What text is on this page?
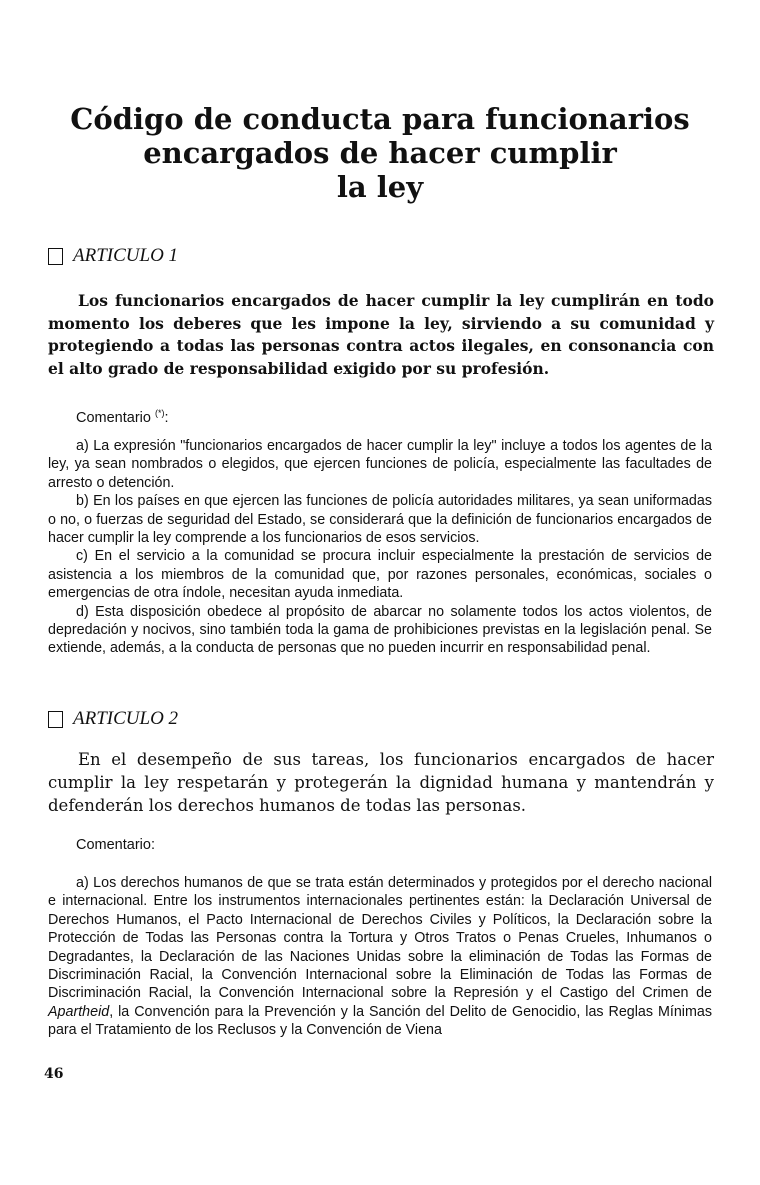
Código de conducta para funcionarios
encargados de hacer cumplir
la ley
ARTICULO 1
Los funcionarios encargados de hacer cumplir la ley cumplirán en todo momento los deberes que les impone la ley, sirviendo a su comunidad y protegiendo a todas las personas contra actos ilegales, en consonancia con el alto grado de responsabilidad exigido por su profesión.
Comentario (*):

a) La expresión "funcionarios encargados de hacer cumplir la ley" incluye a todos los agentes de la ley, ya sean nombrados o elegidos, que ejercen funciones de policía, especialmente las facultades de arresto o detención.

b) En los países en que ejercen las funciones de policía autoridades militares, ya sean uniformadas o no, o fuerzas de seguridad del Estado, se considerará que la definición de funcionarios encargados de hacer cumplir la ley comprende a los funcionarios de esos servicios.

c) En el servicio a la comunidad se procura incluir especialmente la prestación de servicios de asistencia a los miembros de la comunidad que, por razones personales, económicas, sociales o emergencias de otra índole, necesitan ayuda inmediata.

d) Esta disposición obedece al propósito de abarcar no solamente todos los actos violentos, de depredación y nocivos, sino también toda la gama de prohibiciones previstas en la legislación penal. Se extiende, además, a la conducta de personas que no pueden incurrir en responsabilidad penal.

ARTICULO 2
En el desempeño de sus tareas, los funcionarios encargados de hacer cumplir la ley respetarán y protegerán la dignidad humana y mantendrán y defenderán los derechos humanos de todas las personas.
Comentario:

a) Los derechos humanos de que se trata están determinados y protegidos por el derecho nacional e internacional. Entre los instrumentos internacionales pertinentes están: la Declaración Universal de Derechos Humanos, el Pacto Internacional de Derechos Civiles y Políticos, la Declaración sobre la Protección de Todas las Personas contra la Tortura y Otros Tratos o Penas Crueles, Inhumanos o Degradantes, la Declaración de las Naciones Unidas sobre la eliminación de Todas las Formas de Discriminación Racial, la Convención Internacional sobre la Eliminación de Todas las Formas de Discriminación Racial, la Convención Internacional sobre la Represión y el Castigo del Crimen de Apartheid, la Convención para la Prevención y la Sanción del Delito de Genocidio, las Reglas Mínimas para el Tratamiento de los Reclusos y la Convención de Viena

46
